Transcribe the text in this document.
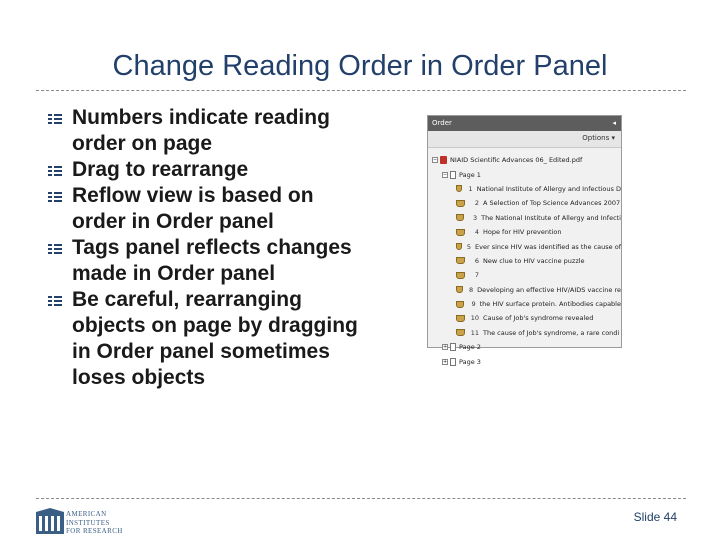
Change Reading Order in Order Panel
Numbers indicate reading order on page
Drag to rearrange
Reflow view is based on order in Order panel
Tags panel reflects changes made in Order panel
Be careful, rearranging objects on page by dragging in Order panel sometimes loses objects
Order	◂
Options ▾
− NIAID Scientific Advances 06_ Edited.pdf
− Page 1
1 National Institute of Allergy and Infectious D
2 A Selection of Top Science Advances 2007
3 The National Institute of Allergy and Infecti
4 Hope for HIV prevention
5 Ever since HIV was identified as the cause of
6 New clue to HIV vaccine puzzle
7
8 Developing an effective HIV/AIDS vaccine re
9 the HIV surface protein. Antibodies capable
10 Cause of Job's syndrome revealed
11 The cause of Job's syndrome, a rare condi
+ Page 2
+ Page 3
AMERICAN
INSTITUTES
FOR RESEARCH
Slide 44
